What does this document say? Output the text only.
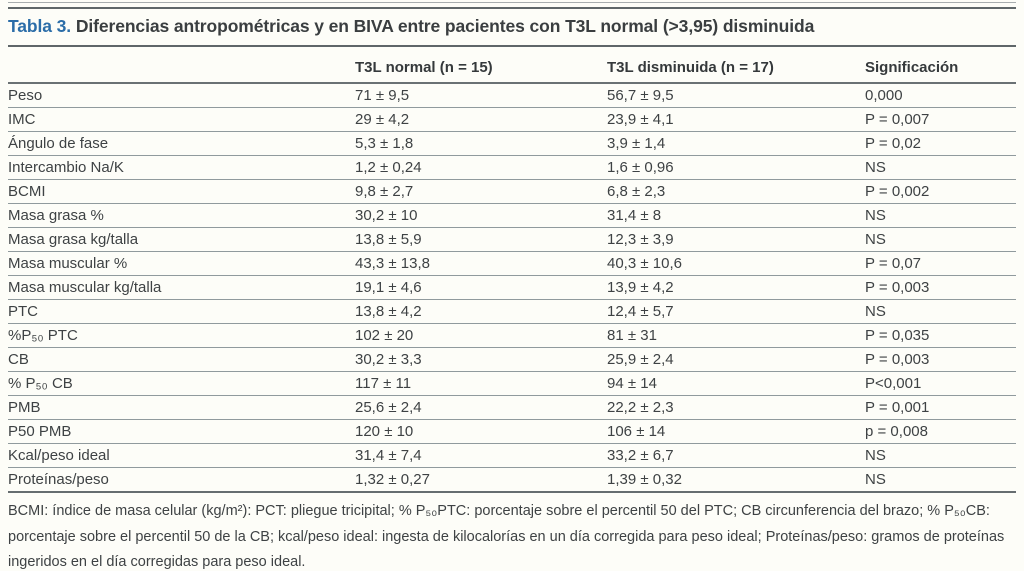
Tabla 3. Diferencias antropométricas y en BIVA entre pacientes con T3L normal (>3,95) disminuida
	T3L normal (n = 15)	T3L disminuida (n = 17)	Significación
Peso	71 ± 9,5	56,7 ± 9,5	0,000
IMC	29 ± 4,2	23,9 ± 4,1	P = 0,007
Ángulo de fase	5,3 ± 1,8	3,9 ± 1,4	P = 0,02
Intercambio Na/K	1,2 ± 0,24	1,6 ± 0,96	NS
BCMI	9,8 ± 2,7	6,8 ± 2,3	P = 0,002
Masa grasa %	30,2 ± 10	31,4 ± 8	NS
Masa grasa kg/talla	13,8 ± 5,9	12,3 ± 3,9	NS
Masa muscular %	43,3 ± 13,8	40,3 ± 10,6	P = 0,07
Masa muscular kg/talla	19,1 ± 4,6	13,9 ± 4,2	P = 0,003
PTC	13,8 ± 4,2	12,4 ± 5,7	NS
%P₅₀ PTC	102 ± 20	81 ± 31	P = 0,035
CB	30,2 ± 3,3	25,9 ± 2,4	P = 0,003
% P₅₀ CB	117 ± 11	94 ± 14	P<0,001
PMB	25,6 ± 2,4	22,2 ± 2,3	P = 0,001
P50 PMB	120 ± 10	106 ± 14	p = 0,008
Kcal/peso ideal	31,4 ± 7,4	33,2 ± 6,7	NS
Proteínas/peso	1,32 ± 0,27	1,39 ± 0,32	NS

BCMI: índice de masa celular (kg/m²): PCT: pliegue tricipital; % P₅₀PTC: porcentaje sobre el percentil 50 del PTC; CB circunferencia del brazo; % P₅₀CB: porcentaje sobre el percentil 50 de la CB; kcal/peso ideal: ingesta de kilocalorías en un día corregida para peso ideal; Proteínas/peso: gramos de proteínas ingeridos en el día corregidas para peso ideal.
